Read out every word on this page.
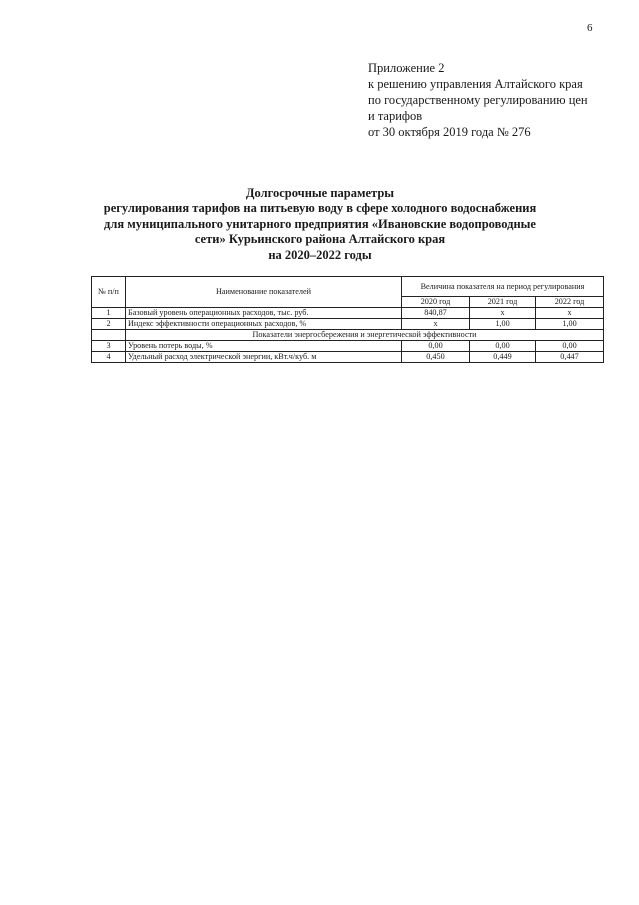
6
Приложение 2
к решению управления Алтайского края
по государственному регулированию цен
и тарифов
от 30 октября 2019 года № 276
Долгосрочные параметры
регулирования тарифов на питьевую воду в сфере холодного водоснабжения
для муниципального унитарного предприятия «Ивановские водопроводные
сети» Курьинского района Алтайского края
на 2020–2022 годы
№ п/п	Наименование показателей	Величина показателя на период регулирования		
		2020 год	2021 год	2022 год
1	Базовый уровень операционных расходов, тыс. руб.	840,87	х	х
2	Индекс эффективности операционных расходов, %	х	1,00	1,00
	Показатели энергосбережения и энергетической эффективности			
3	Уровень потерь воды, %	0,00	0,00	0,00
4	Удельный расход электрической энергии, кВт.ч/куб. м	0,450	0,449	0,447
